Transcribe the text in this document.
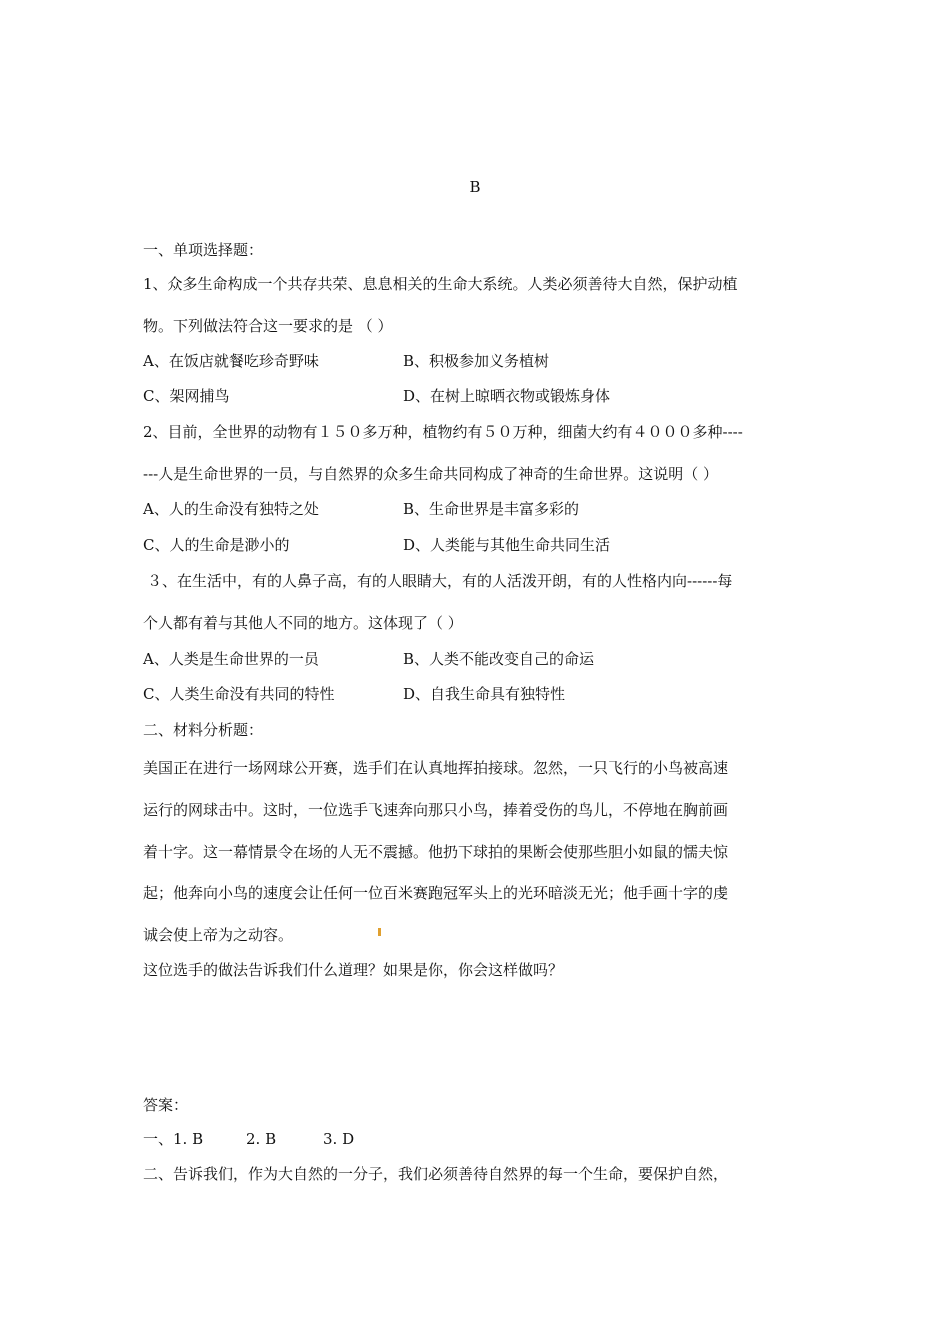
B
一、单项选择题：
1、众多生命构成一个共存共荣、息息相关的生命大系统。人类必须善待大自然，保护动植
物。下列做法符合这一要求的是 （ ）
A、在饭店就餐吃珍奇野味	B、积极参加义务植树
C、架网捕鸟	D、在树上晾晒衣物或锻炼身体
2、目前，全世界的动物有１５０多万种，植物约有５０万种，细菌大约有４０００多种----
---人是生命世界的一员，与自然界的众多生命共同构成了神奇的生命世界。这说明（ ）
A、人的生命没有独特之处	B、生命世界是丰富多彩的
C、人的生命是渺小的	D、人类能与其他生命共同生活
３、在生活中，有的人鼻子高，有的人眼睛大，有的人活泼开朗，有的人性格内向------每
个人都有着与其他人不同的地方。这体现了（ ）
A、人类是生命世界的一员	B、人类不能改变自己的命运
C、人类生命没有共同的特性	D、自我生命具有独特性
二、材料分析题：
美国正在进行一场网球公开赛，选手们在认真地挥拍接球。忽然，一只飞行的小鸟被高速
运行的网球击中。这时，一位选手飞速奔向那只小鸟，捧着受伤的鸟儿，不停地在胸前画
着十字。这一幕情景令在场的人无不震撼。他扔下球拍的果断会使那些胆小如鼠的懦夫惊
起；他奔向小鸟的速度会让任何一位百米赛跑冠军头上的光环暗淡无光；他手画十字的虔
诚会使上帝为之动容。
这位选手的做法告诉我们什么道理？如果是你，你会这样做吗？
答案：
一、 1. B	2. B	3. D
二、告诉我们，作为大自然的一分子，我们必须善待自然界的每一个生命，要保护自然，
